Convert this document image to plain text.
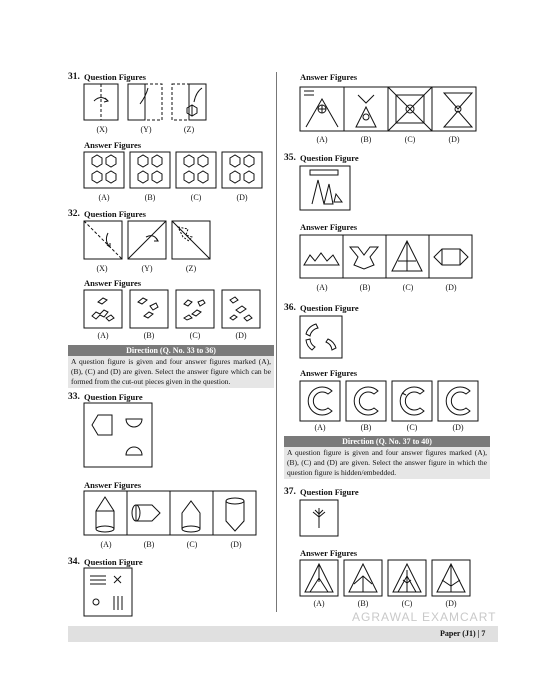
31. Question Figures
(X)	(Y)	(Z)
Answer Figures
(A)	(B)	(C)	(D)
32. Question Figures
(X)	(Y)	(Z)
Answer Figures
(A)	(B)	(C)	(D)
Direction (Q. No. 33 to 36)
A question figure is given and four answer figures marked (A), (B), (C) and (D) are given. Select the answer figure which can be formed from the cut-out pieces given in the question.
33. Question Figure
Answer Figures
(A)	(B)	(C)	(D)
34. Question Figure
Answer Figures
(A)	(B)	(C)	(D)
35. Question Figure
Answer Figures
(A)	(B)	(C)	(D)
36. Question Figure
Answer Figures
(A)	(B)	(C)	(D)
Direction (Q. No. 37 to 40)
A question figure is given and four answer figures marked (A), (B), (C) and (D) are given. Select the answer figure in which the question figure is hidden/embedded.
37. Question Figure
Answer Figures
(A)	(B)	(C)	(D)
AGRAWAL EXAMCART
Paper (J1) | 7
